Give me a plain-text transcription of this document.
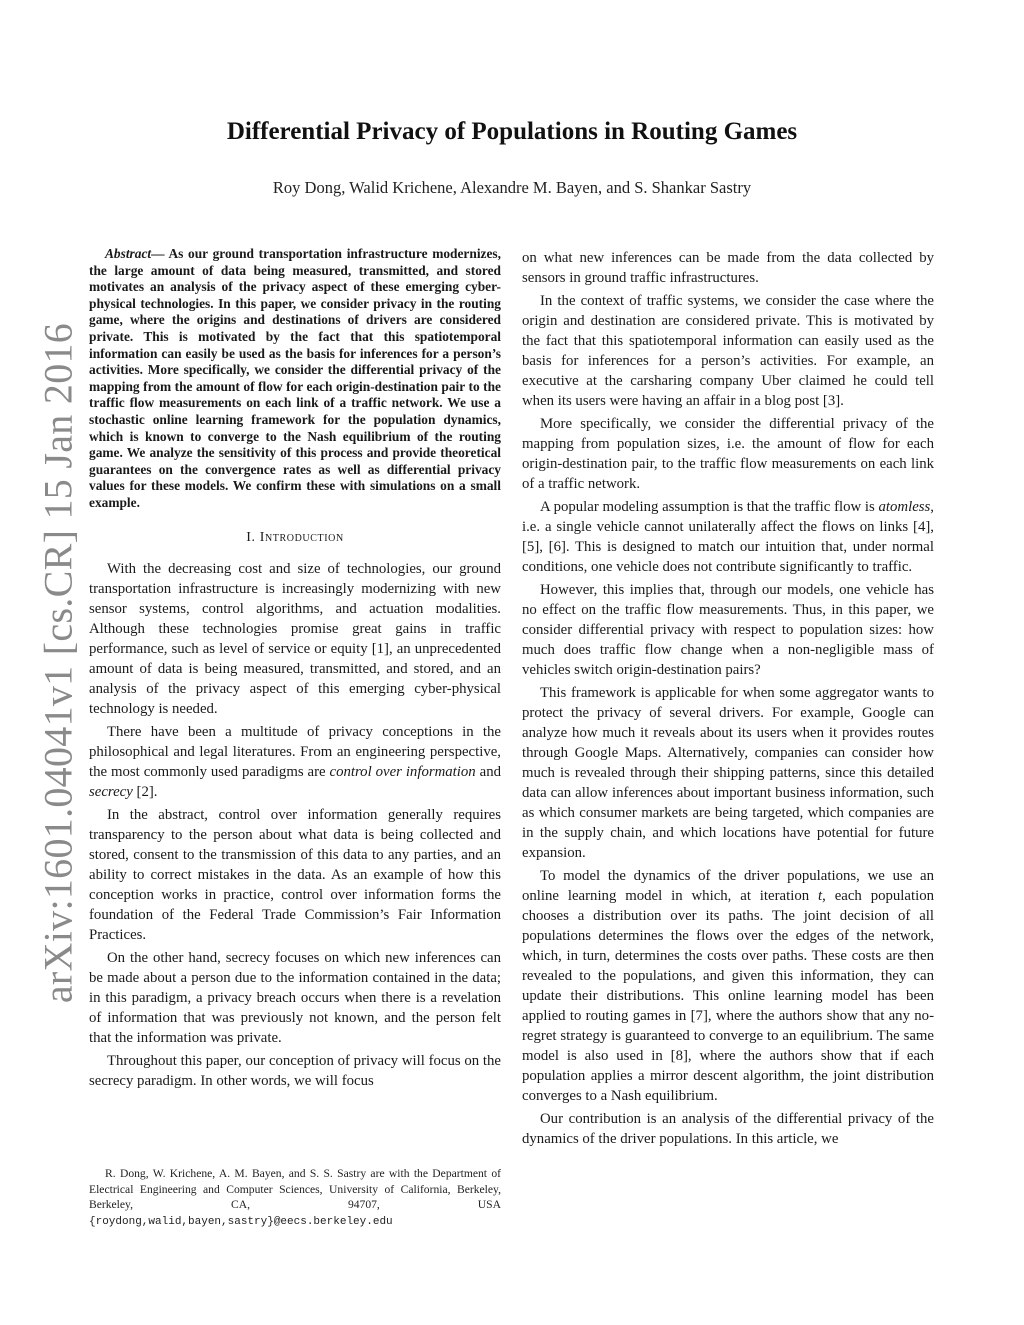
arXiv:1601.04041v1 [cs.CR] 15 Jan 2016
Differential Privacy of Populations in Routing Games
Roy Dong, Walid Krichene, Alexandre M. Bayen, and S. Shankar Sastry

Abstract— As our ground transportation infrastructure modernizes, the large amount of data being measured, transmitted, and stored motivates an analysis of the privacy aspect of these emerging cyber-physical technologies. In this paper, we consider privacy in the routing game, where the origins and destinations of drivers are considered private. This is motivated by the fact that this spatiotemporal information can easily be used as the basis for inferences for a person’s activities. More specifically, we consider the differential privacy of the mapping from the amount of flow for each origin-destination pair to the traffic flow measurements on each link of a traffic network. We use a stochastic online learning framework for the population dynamics, which is known to converge to the Nash equilibrium of the routing game. We analyze the sensitivity of this process and provide theoretical guarantees on the convergence rates as well as differential privacy values for these models. We confirm these with simulations on a small example.

I. Introduction

With the decreasing cost and size of technologies, our ground transportation infrastructure is increasingly modernizing with new sensor systems, control algorithms, and actuation modalities. Although these technologies promise great gains in traffic performance, such as level of service or equity [1], an unprecedented amount of data is being measured, transmitted, and stored, and an analysis of the privacy aspect of this emerging cyber-physical technology is needed.

There have been a multitude of privacy conceptions in the philosophical and legal literatures. From an engineering perspective, the most commonly used paradigms are control over information and secrecy [2].

In the abstract, control over information generally requires transparency to the person about what data is being collected and stored, consent to the transmission of this data to any parties, and an ability to correct mistakes in the data. As an example of how this conception works in practice, control over information forms the foundation of the Federal Trade Commission’s Fair Information Practices.

On the other hand, secrecy focuses on which new inferences can be made about a person due to the information contained in the data; in this paradigm, a privacy breach occurs when there is a revelation of information that was previously not known, and the person felt that the information was private.

Throughout this paper, our conception of privacy will focus on the secrecy paradigm. In other words, we will focus

R. Dong, W. Krichene, A. M. Bayen, and S. S. Sastry are with the Department of Electrical Engineering and Computer Sciences, University of California, Berkeley, Berkeley, CA, 94707, USA {roydong,walid,bayen,sastry}@eecs.berkeley.edu

on what new inferences can be made from the data collected by sensors in ground traffic infrastructures.

In the context of traffic systems, we consider the case where the origin and destination are considered private. This is motivated by the fact that this spatiotemporal information can easily used as the basis for inferences for a person’s activities. For example, an executive at the carsharing company Uber claimed he could tell when its users were having an affair in a blog post [3].

More specifically, we consider the differential privacy of the mapping from population sizes, i.e. the amount of flow for each origin-destination pair, to the traffic flow measurements on each link of a traffic network.

A popular modeling assumption is that the traffic flow is atomless, i.e. a single vehicle cannot unilaterally affect the flows on links [4], [5], [6]. This is designed to match our intuition that, under normal conditions, one vehicle does not contribute significantly to traffic.

However, this implies that, through our models, one vehicle has no effect on the traffic flow measurements. Thus, in this paper, we consider differential privacy with respect to population sizes: how much does traffic flow change when a non-negligible mass of vehicles switch origin-destination pairs?

This framework is applicable for when some aggregator wants to protect the privacy of several drivers. For example, Google can analyze how much it reveals about its users when it provides routes through Google Maps. Alternatively, companies can consider how much is revealed through their shipping patterns, since this detailed data can allow inferences about important business information, such as which consumer markets are being targeted, which companies are in the supply chain, and which locations have potential for future expansion.

To model the dynamics of the driver populations, we use an online learning model in which, at iteration t, each population chooses a distribution over its paths. The joint decision of all populations determines the flows over the edges of the network, which, in turn, determines the costs over paths. These costs are then revealed to the populations, and given this information, they can update their distributions. This online learning model has been applied to routing games in [7], where the authors show that any no-regret strategy is guaranteed to converge to an equilibrium. The same model is also used in [8], where the authors show that if each population applies a mirror descent algorithm, the joint distribution converges to a Nash equilibrium.

Our contribution is an analysis of the differential privacy of the dynamics of the driver populations. In this article, we
